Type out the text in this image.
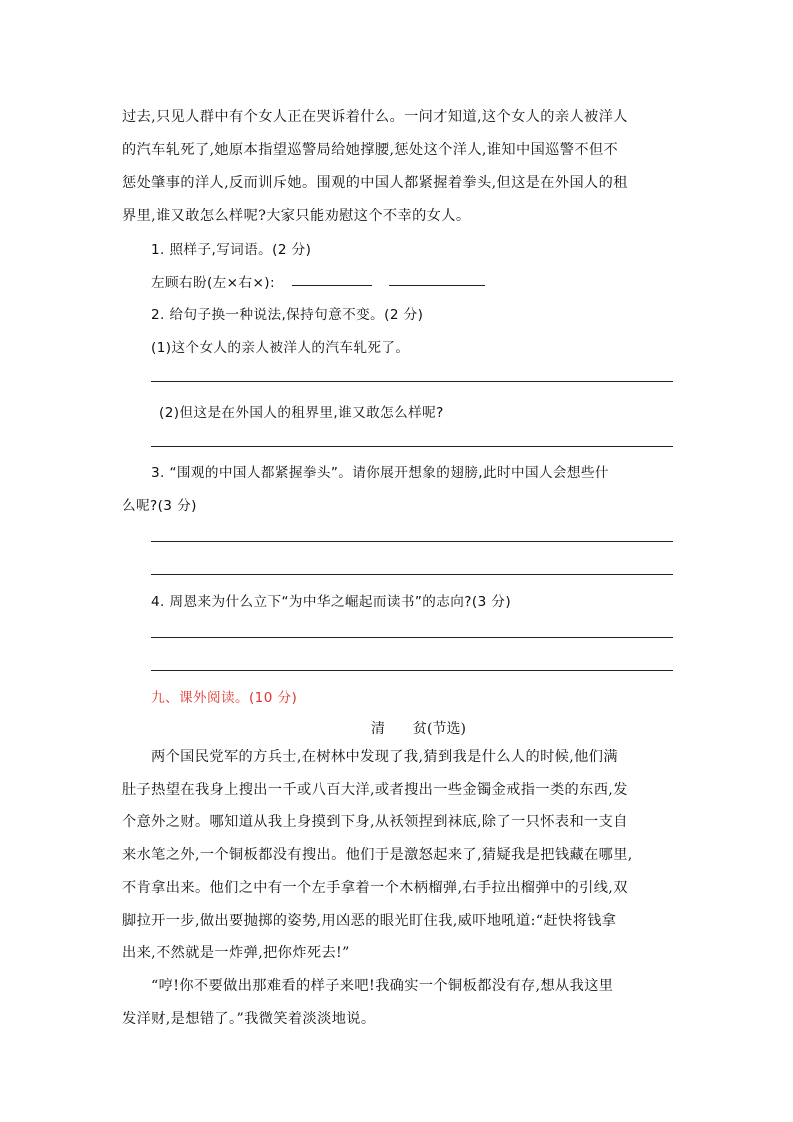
过去,只见人群中有个女人正在哭诉着什么。一问才知道,这个女人的亲人被洋人
的汽车轧死了,她原本指望巡警局给她撑腰,惩处这个洋人,谁知中国巡警不但不
惩处肇事的洋人,反而训斥她。围观的中国人都紧握着拳头,但这是在外国人的租
界里,谁又敢怎么样呢?大家只能劝慰这个不幸的女人。
1. 照样子,写词语。(2 分)
左顾右盼(左×右×):
2. 给句子换一种说法,保持句意不变。(2 分)
(1)这个女人的亲人被洋人的汽车轧死了。
(2)但这是在外国人的租界里,谁又敢怎么样呢?
3. “围观的中国人都紧握拳头”。请你展开想象的翅膀,此时中国人会想些什
么呢?(3 分)
4. 周恩来为什么立下“为中华之崛起而读书”的志向?(3 分)
九、课外阅读。(10 分)
清　　贫(节选)
两个国民党军的方兵士,在树林中发现了我,猜到我是什么人的时候,他们满
肚子热望在我身上搜出一千或八百大洋,或者搜出一些金镯金戒指一类的东西,发
个意外之财。哪知道从我上身摸到下身,从袄领捏到袜底,除了一只怀表和一支自
来水笔之外,一个铜板都没有搜出。他们于是激怒起来了,猜疑我是把钱藏在哪里,
不肯拿出来。他们之中有一个左手拿着一个木柄榴弹,右手拉出榴弹中的引线,双
脚拉开一步,做出要抛掷的姿势,用凶恶的眼光盯住我,威吓地吼道:“赶快将钱拿
出来,不然就是一炸弹,把你炸死去!”
“哼!你不要做出那难看的样子来吧!我确实一个铜板都没有存,想从我这里
发洋财,是想错了。”我微笑着淡淡地说。
